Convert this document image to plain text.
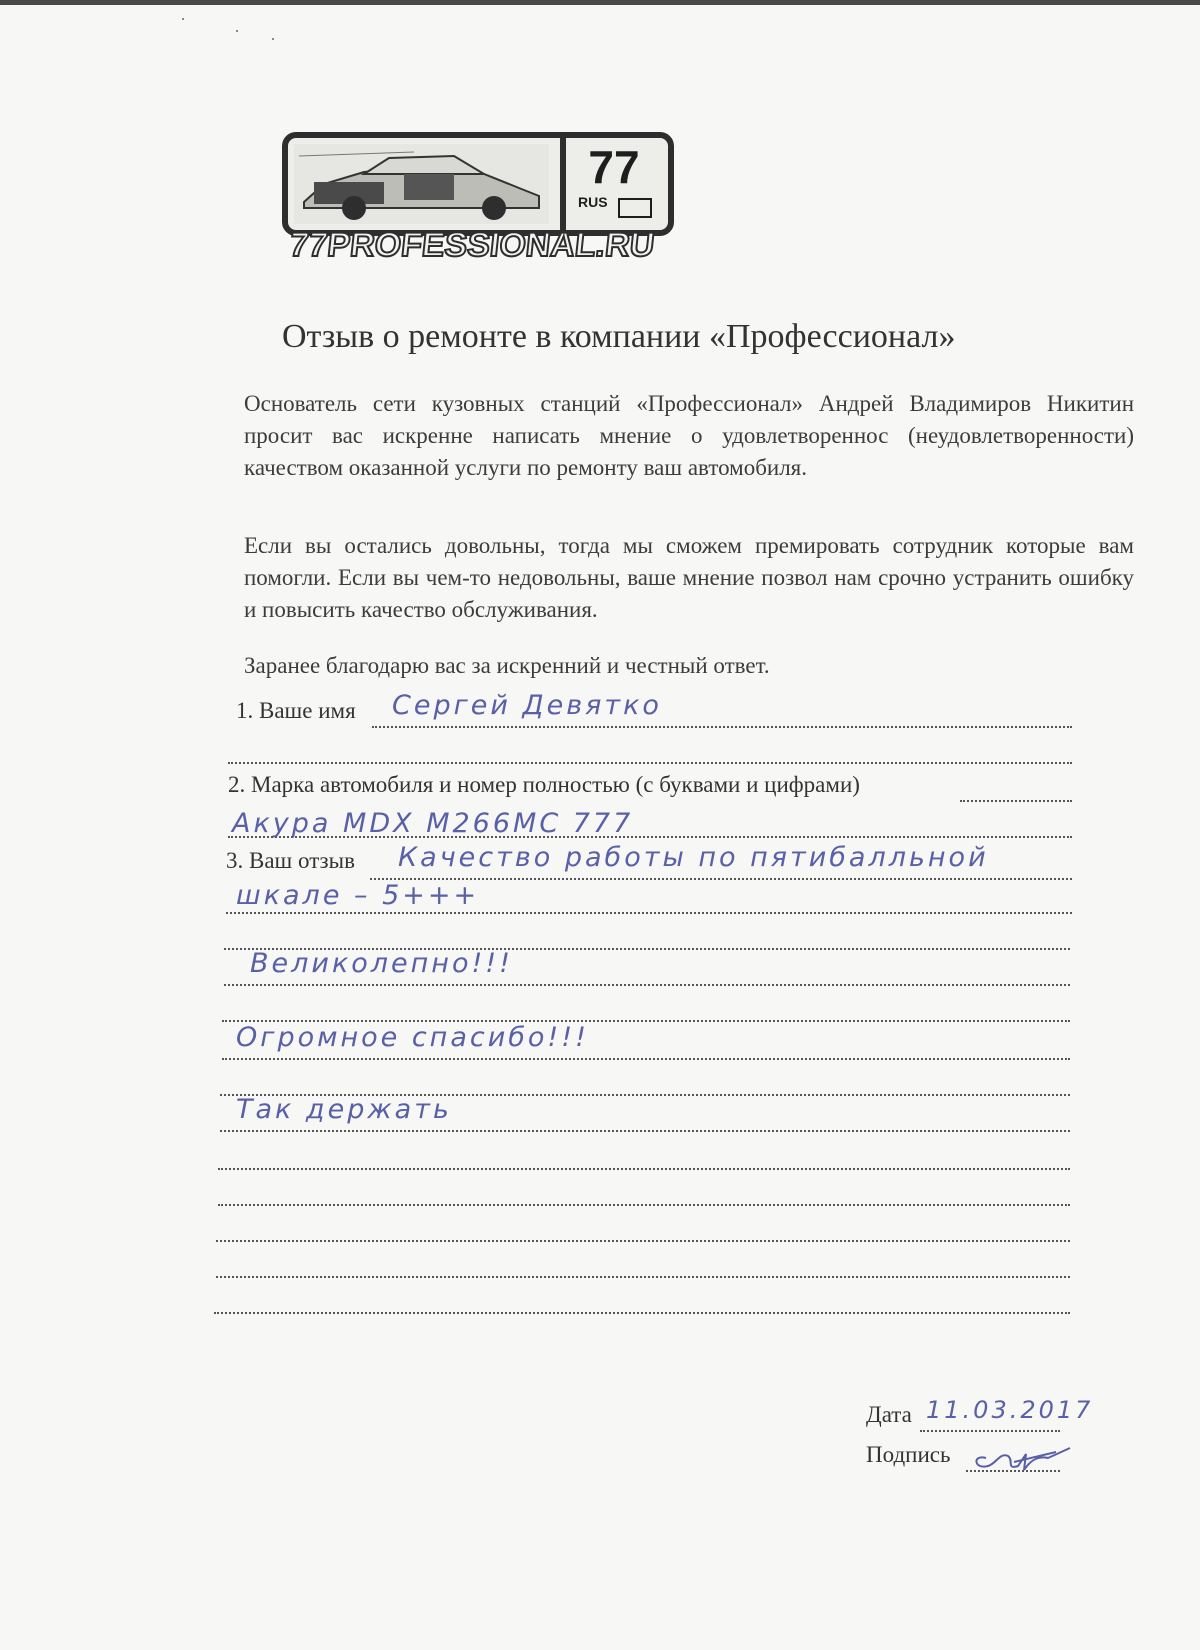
77
RUS
77PROFESSIONAL.RU
Отзыв о ремонте в компании «Профессионал»

Основатель сети кузовных станций «Профессионал» Андрей Владимиров Никитин просит вас искренне написать мнение о удовлетвореннос (неудовлетворенности) качеством оказанной услуги по ремонту ваш автомобиля.

Если вы остались довольны, тогда мы сможем премировать сотрудник которые вам помогли. Если вы чем-то недовольны, ваше мнение позвол нам срочно устранить ошибку и повысить качество обслуживания.

Заранее благодарю вас за искренний и честный ответ.

1. Ваше имя Сергей Девятко
2. Марка автомобиля и номер полностью (с буквами и цифрами)
Акура MDX М266МС 777
3. Ваш отзыв Качество работы по пятибалльной
шкале – 5+++
Великолепно!!!
Огромное спасибо!!!
Так держать
Дата 11.03.2017
Подпись
